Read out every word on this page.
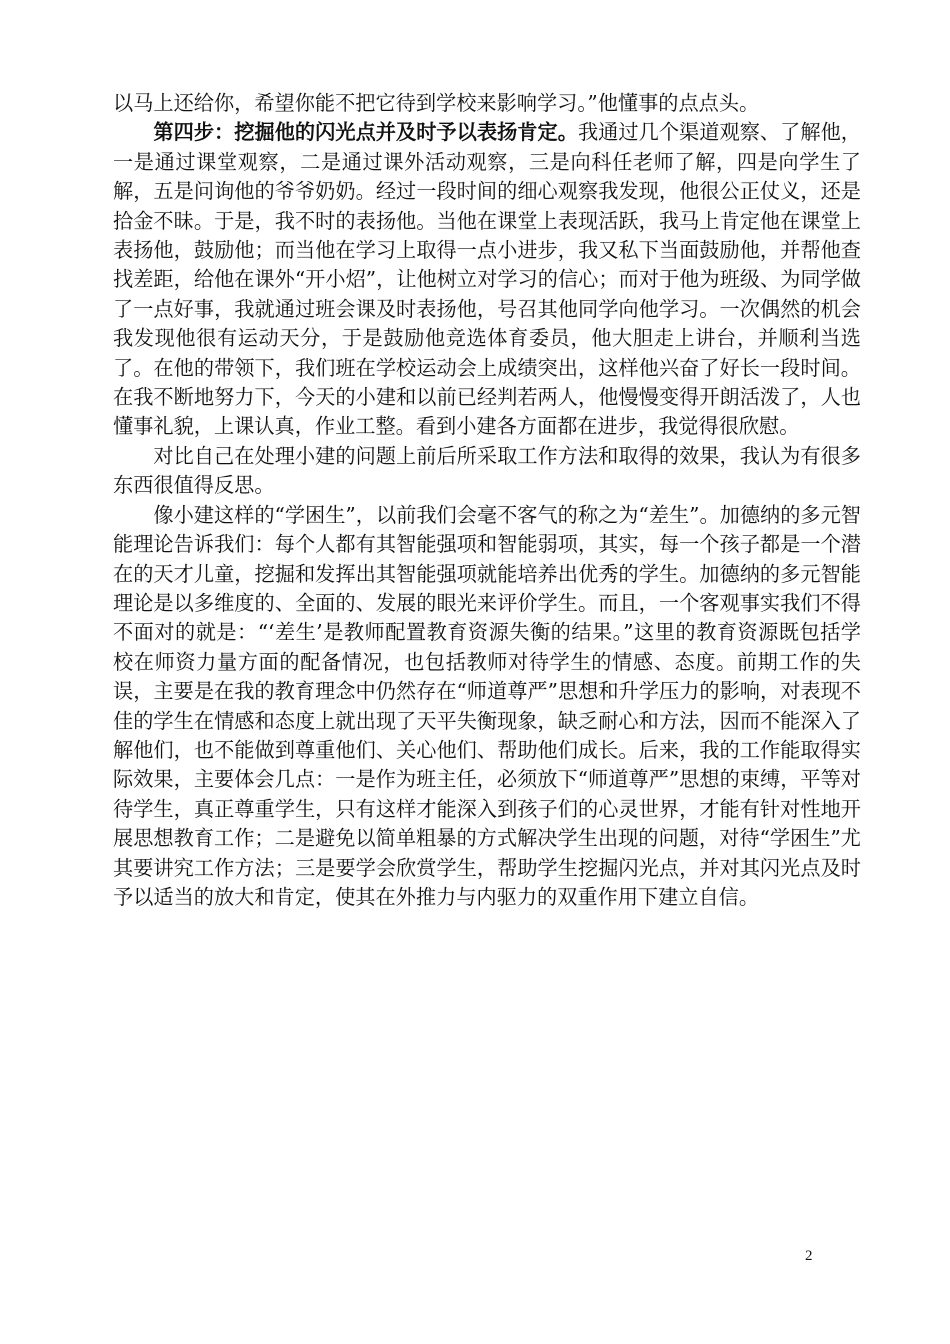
以马上还给你，希望你能不把它待到学校来影响学习。”他懂事的点点头。

第四步：挖掘他的闪光点并及时予以表扬肯定。我通过几个渠道观察、了解他，一是通过课堂观察，二是通过课外活动观察，三是向科任老师了解，四是向学生了解，五是问询他的爷爷奶奶。经过一段时间的细心观察我发现，他很公正仗义，还是拾金不昧。于是，我不时的表扬他。当他在课堂上表现活跃，我马上肯定他在课堂上表扬他，鼓励他；而当他在学习上取得一点小进步，我又私下当面鼓励他，并帮他查找差距，给他在课外“开小炤”，让他树立对学习的信心；而对于他为班级、为同学做了一点好事，我就通过班会课及时表扬他，号召其他同学向他学习。一次偶然的机会我发现他很有运动天分，于是鼓励他竞选体育委员，他大胆走上讲台，并顺利当选了。在他的带领下，我们班在学校运动会上成绩突出，这样他兴奋了好长一段时间。在我不断地努力下，今天的小建和以前已经判若两人，他慢慢变得开朗活泼了，人也懂事礼貌，上课认真，作业工整。看到小建各方面都在进步，我觉得很欣慰。

对比自己在处理小建的问题上前后所采取工作方法和取得的效果，我认为有很多东西很值得反思。

像小建这样的“学困生”，以前我们会毫不客气的称之为“差生”。加德纳的多元智能理论告诉我们：每个人都有其智能强项和智能弱项，其实，每一个孩子都是一个潜在的天才儿童，挖掘和发挥出其智能强项就能培养出优秀的学生。加德纳的多元智能理论是以多维度的、全面的、发展的眼光来评价学生。而且，一个客观事实我们不得不面对的就是：“‘差生’是教师配置教育资源失衡的结果。”这里的教育资源既包括学校在师资力量方面的配备情况，也包括教师对待学生的情感、态度。前期工作的失误，主要是在我的教育理念中仍然存在“师道尊严”思想和升学压力的影响，对表现不佳的学生在情感和态度上就出现了天平失衡现象，缺乏耐心和方法，因而不能深入了解他们，也不能做到尊重他们、关心他们、帮助他们成长。后来，我的工作能取得实际效果，主要体会几点：一是作为班主任，必须放下“师道尊严”思想的束缚，平等对待学生，真正尊重学生，只有这样才能深入到孩子们的心灵世界，才能有针对性地开展思想教育工作；二是避免以简单粗暴的方式解决学生出现的问题，对待“学困生”尤其要讲究工作方法；三是要学会欣赏学生，帮助学生挖掘闪光点，并对其闪光点及时予以适当的放大和肯定，使其在外推力与内驱力的双重作用下建立自信。

2
